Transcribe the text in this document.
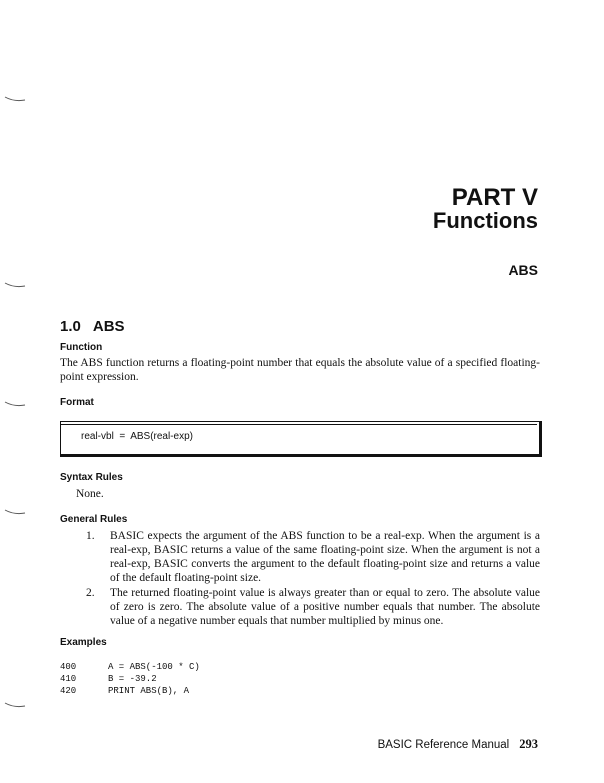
PART V
Functions
ABS
1.0 ABS
Function
The ABS function returns a floating-point number that equals the absolute value of a specified floating-point expression.
Format
real-vbl  =  ABS(real-exp)
Syntax Rules
None.
General Rules
1. BASIC expects the argument of the ABS function to be a real-exp. When the argument is a real-exp, BASIC returns a value of the same floating-point size. When the argument is not a real-exp, BASIC converts the argument to the default floating-point size and returns a value of the default floating-point size.
2. The returned floating-point value is always greater than or equal to zero. The absolute value of zero is zero. The absolute value of a positive number equals that number. The absolute value of a negative number equals that number multiplied by minus one.
Examples
400	A = ABS(-100 * C)
410	B = -39.2
420	PRINT ABS(B), A
BASIC Reference Manual 293
